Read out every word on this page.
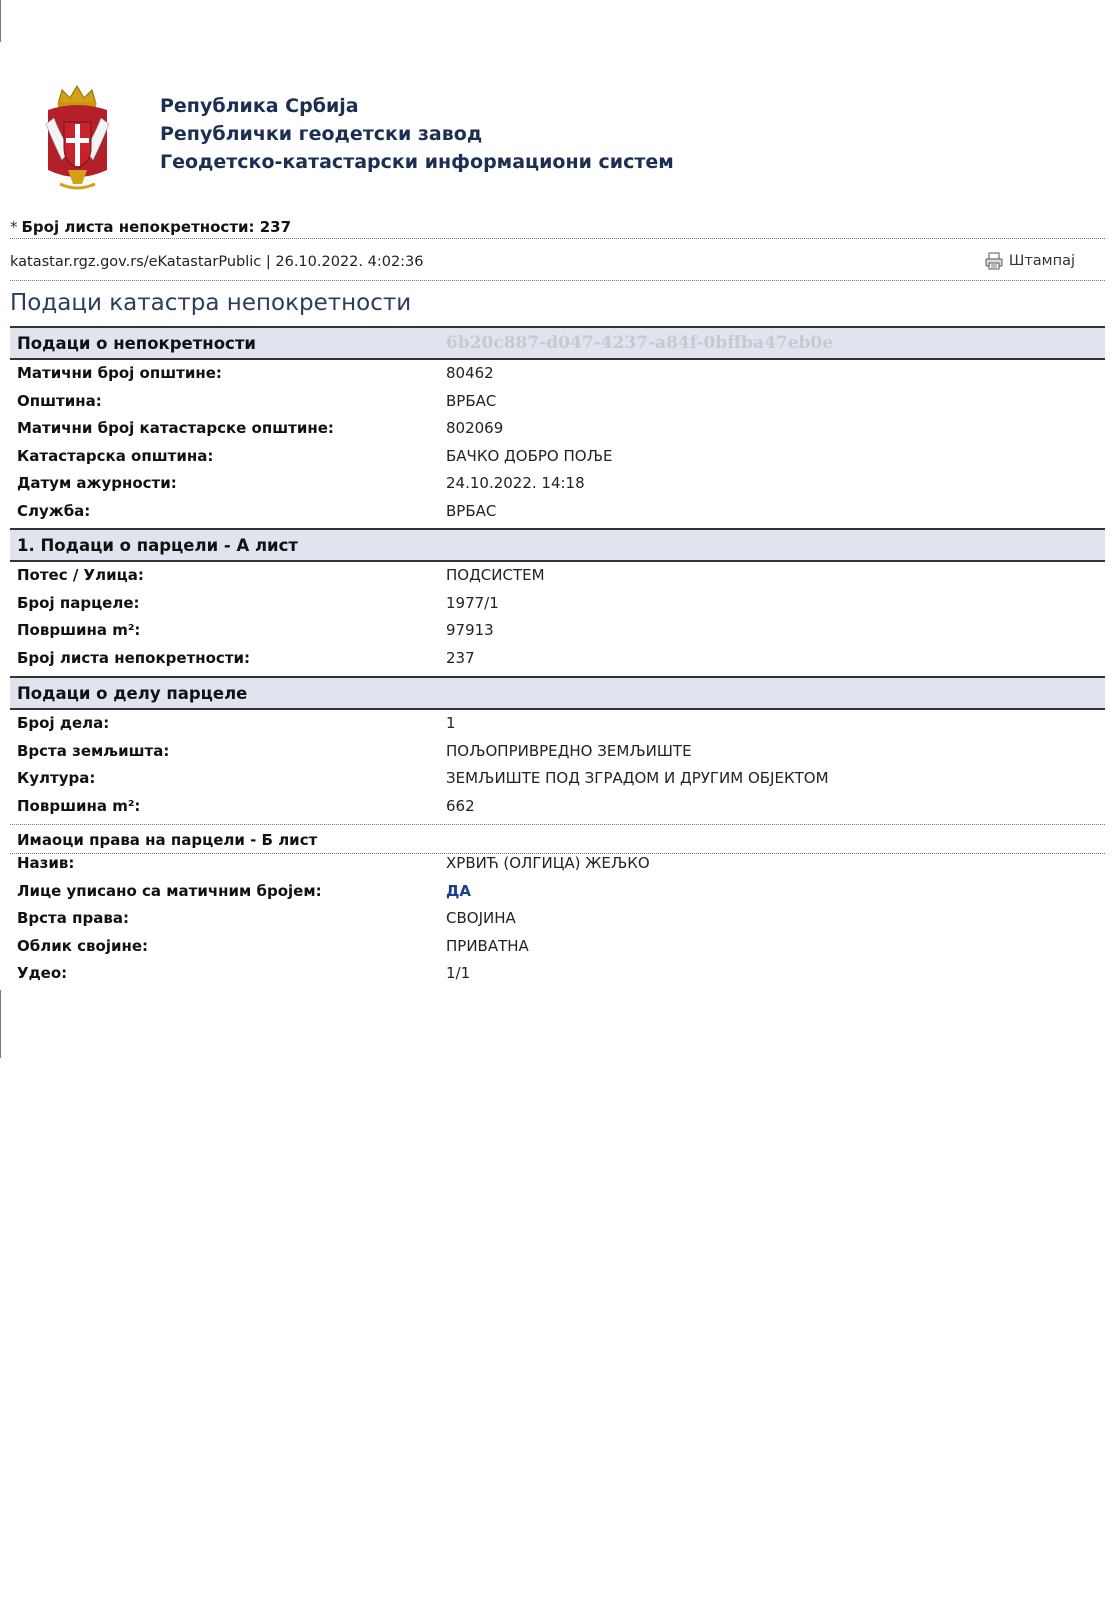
Република Србија
Републички геодетски завод
Геодетско-катастарски информациони систем
* Број листа непокретности: 237
katastar.rgz.gov.rs/eKatastarPublic | 26.10.2022. 4:02:36	Штампај
Подаци катастра непокретности
Подаци о непокретности	6b20c887-d047-4237-a84f-0bffba47eb0e
Матични број општине:	80462
Општина:	ВРБАС
Матични број катастарске општине:	802069
Катастарска општина:	БАЧКО ДОБРО ПОЉЕ
Датум ажурности:	24.10.2022. 14:18
Служба:	ВРБАС
1. Подаци о парцели - А лист
Потес / Улица:	ПОДСИСТЕМ
Број парцеле:	1977/1
Површина m²:	97913
Број листа непокретности:	237
Подаци о делу парцеле
Број дела:	1
Врста земљишта:	ПОЉОПРИВРЕДНО ЗЕМЉИШТЕ
Култура:	ЗЕМЉИШТЕ ПОД ЗГРАДОМ И ДРУГИМ ОБЈЕКТОМ
Површина m²:	662
Имаоци права на парцели - Б лист
Назив:	ХРВИЋ (ОЛГИЦА) ЖЕЉКО
Лице уписано са матичним бројем:	ДА
Врста права:	СВОЈИНА
Облик својине:	ПРИВАТНА
Удео:	1/1
